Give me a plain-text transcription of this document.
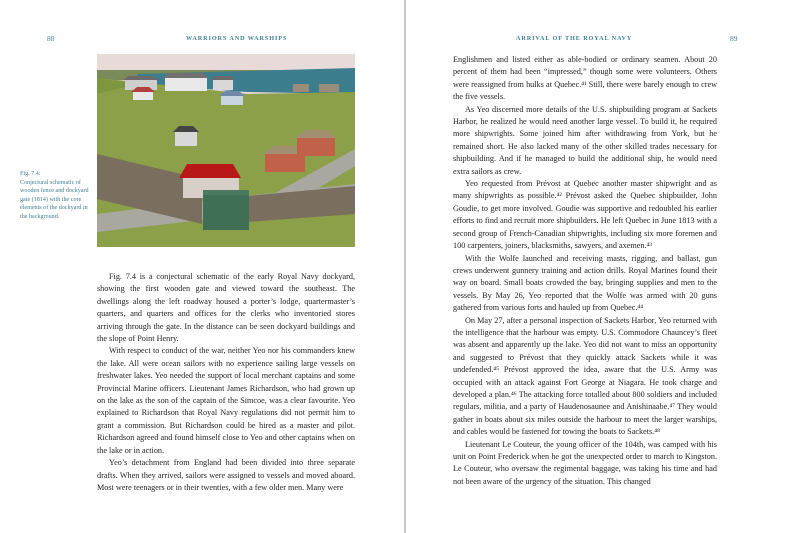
88	WARRIORS AND WARSHIPS
Fig. 7.4:
Conjectural schematic of wooden fence and dockyard gate (1814) with the core elements of the dockyard in the background.

Fig. 7.4 is a conjectural schematic of the early Royal Navy dockyard, showing the first wooden gate and viewed toward the southeast. The dwellings along the left roadway housed a porter’s lodge, quartermaster’s quarters, and quarters and offices for the clerks who inventoried stores arriving through the gate. In the distance can be seen dockyard buildings and the slope of Point Henry.

With respect to conduct of the war, neither Yeo nor his commanders knew the lake. All were ocean sailors with no experience sailing large vessels on freshwater lakes. Yeo needed the support of local merchant captains and some Provincial Marine officers. Lieutenant James Richardson, who had grown up on the lake as the son of the captain of the Simcoe, was a clear favourite. Yeo explained to Richardson that Royal Navy regulations did not permit him to grant a commission. But Richardson could be hired as a master and pilot. Richardson agreed and found himself close to Yeo and other captains when on the lake or in action.

Yeo’s detachment from England had been divided into three separate drafts. When they arrived, sailors were assigned to vessels and moved aboard. Most were teenagers or in their twenties, with a few older men. Many were

ARRIVAL OF THE ROYAL NAVY	89

Englishmen and listed either as able-bodied or ordinary seamen. About 20 percent of them had been “impressed,” though some were volunteers. Others were reassigned from hulks at Quebec.⁴¹ Still, there were barely enough to crew the five vessels.

As Yeo discerned more details of the U.S. shipbuilding program at Sackets Harbor, he realized he would need another large vessel. To build it, he required more shipwrights. Some joined him after withdrawing from York, but he remained short. He also lacked many of the other skilled trades necessary for shipbuilding. And if he managed to build the additional ship, he would need extra sailors as crew.

Yeo requested from Prévost at Quebec another master shipwright and as many shipwrights as possible.⁴² Prévost asked the Quebec shipbuilder, John Goudie, to get more involved. Goudie was supportive and redoubled his earlier efforts to find and recruit more shipbuilders. He left Quebec in June 1813 with a second group of French-Canadian shipwrights, including six more foremen and 100 carpenters, joiners, blacksmiths, sawyers, and axemen.⁴³

With the Wolfe launched and receiving masts, rigging, and ballast, gun crews underwent gunnery training and action drills. Royal Marines found their way on board. Small boats crowded the bay, bringing supplies and men to the vessels. By May 26, Yeo reported that the Wolfe was armed with 20 guns gathered from various forts and hauled up from Quebec.⁴⁴

On May 27, after a personal inspection of Sackets Harbor, Yeo returned with the intelligence that the harbour was empty. U.S. Commodore Chauncey’s fleet was absent and apparently up the lake. Yeo did not want to miss an opportunity and suggested to Prévost that they quickly attack Sackets while it was undefended.⁴⁵ Prévost approved the idea, aware that the U.S. Army was occupied with an attack against Fort George at Niagara. He took charge and developed a plan.⁴⁶ The attacking force totalled about 800 soldiers and included regulars, militia, and a party of Haudenosaunee and Anishinaabe.⁴⁷ They would gather in boats about six miles outside the harbour to meet the larger warships, and cables would be fastened for towing the boats to Sackets.⁴⁸

Lieutenant Le Couteur, the young officer of the 104th, was camped with his unit on Point Frederick when he got the unexpected order to march to Kingston. Le Couteur, who oversaw the regimental baggage, was taking his time and had not been aware of the urgency of the situation. This changed
